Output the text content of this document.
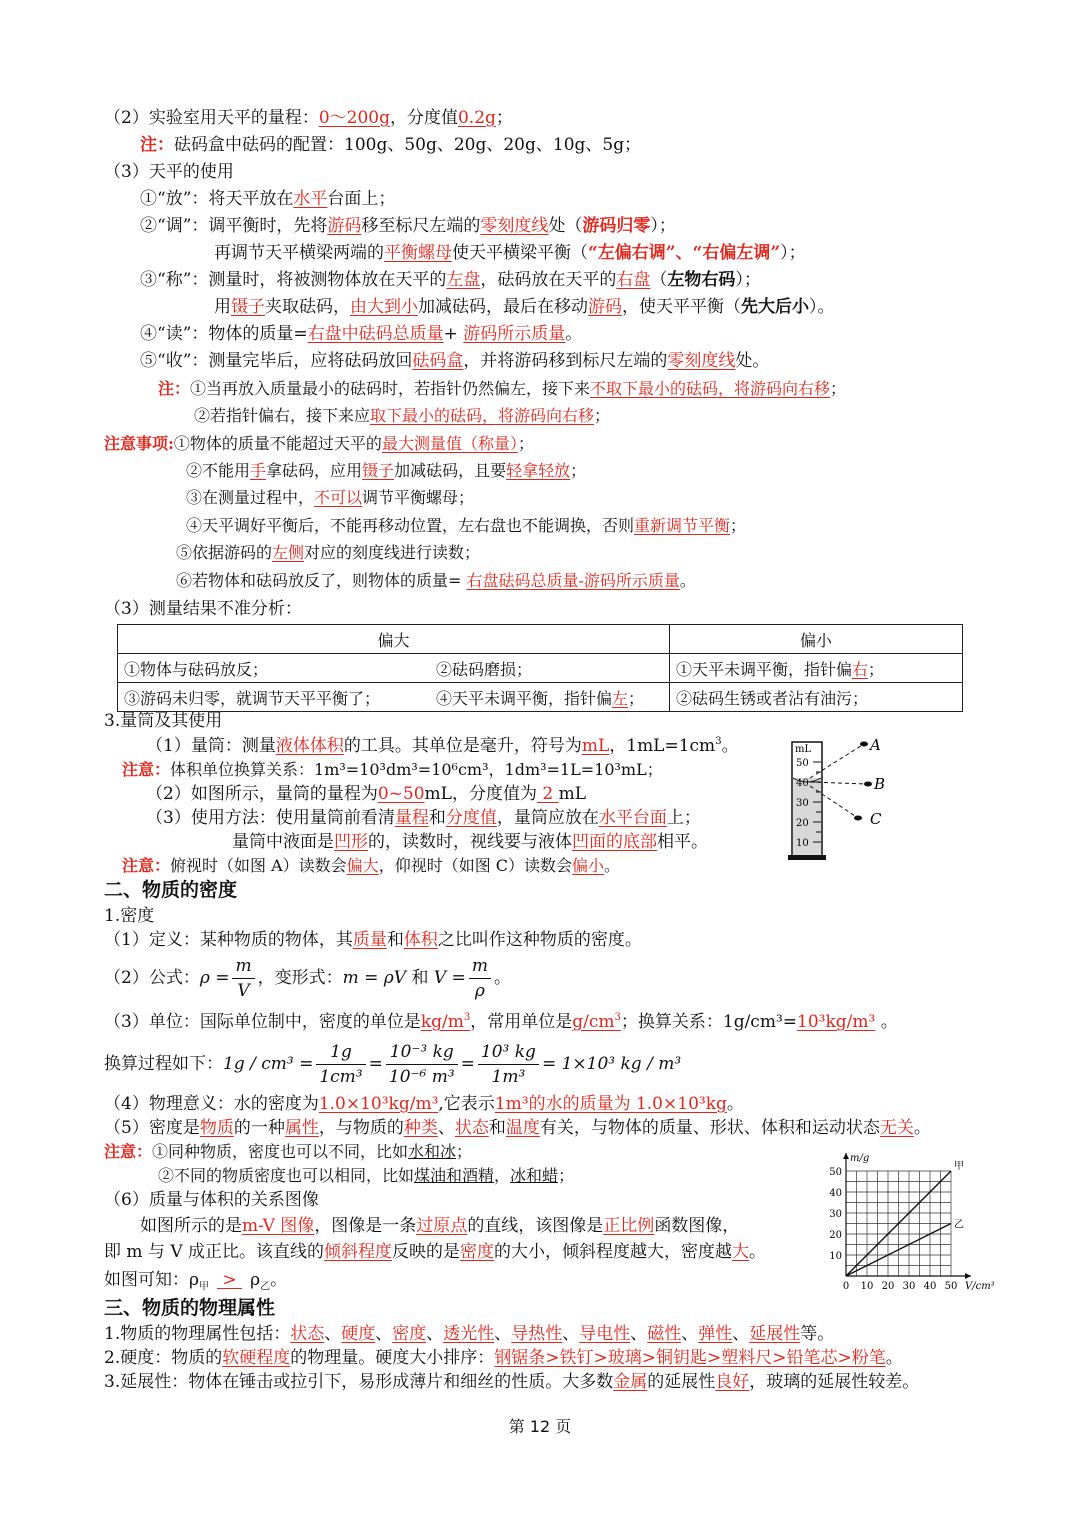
（2）实验室用天平的量程：0～200g，分度值0.2g；
注：砝码盒中砝码的配置：100g、50g、20g、20g、10g、5g；
（3）天平的使用
①“放”：将天平放在水平台面上；
②“调”：调平衡时，先将游码移至标尺左端的零刻度线处（游码归零）；
再调节天平横梁两端的平衡螺母使天平横梁平衡（“左偏右调”、“右偏左调”）；
③“称”：测量时，将被测物体放在天平的左盘，砝码放在天平的右盘（左物右码）；
用镊子夹取砝码，由大到小加减砝码，最后在移动游码，使天平平衡（先大后小）。
④“读”：物体的质量=右盘中砝码总质量+ 游码所示质量。
⑤“收”：测量完毕后，应将砝码放回砝码盒，并将游码移到标尺左端的零刻度线处。
注：①当再放入质量最小的砝码时，若指针仍然偏左，接下来不取下最小的砝码，将游码向右移；
②若指针偏右，接下来应取下最小的砝码，将游码向右移；
注意事项:①物体的质量不能超过天平的最大测量值（称量）；
②不能用手拿砝码，应用镊子加减砝码，且要轻拿轻放；
③在测量过程中，不可以调节平衡螺母；
④天平调好平衡后，不能再移动位置，左右盘也不能调换，否则重新调节平衡；
⑤依据游码的左侧对应的刻度线进行读数；
⑥若物体和砝码放反了，则物体的质量= 右盘砝码总质量-游码所示质量。
（3）测量结果不准分析：
偏大		偏小
①物体与砝码放反；	②砝码磨损；	①天平未调平衡，指针偏右；
③游码未归零，就调节天平平衡了；	④天平未调平衡，指针偏左；	②砝码生锈或者沾有油污；
3.量筒及其使用
（1）量筒：测量液体体积的工具。其单位是毫升，符号为mL，$1mL=1cm^3$。
注意：体积单位换算关系：1m³=10³dm³=10⁶cm³，1dm³=1L=10³mL；
（2）如图所示，量筒的量程为0~50mL，分度值为 2 mL
（3）使用方法：使用量筒前看清量程和分度值，量筒应放在水平台面上；
量筒中液面是凹形的，读数时，视线要与液体凹面的底部相平。
注意：俯视时（如图 A）读数会偏大，仰视时（如图 C）读数会偏小。
mL
50
40
30
20
10
A
B
C
二、物质的密度
1.密度
（1）定义：某种物质的物体，其质量和体积之比叫作这种物质的密度。
（2）公式：$\rho = \frac{m}{V}$ ，变形式：m = ρV 和 $V = \frac{m}{\rho}$ 。
（3）单位：国际单位制中，密度的单位是$kg/m^3$，常用单位是$g/cm^3$；换算关系：1g/cm³=10³kg/m³ 。
换算过程如下：$1g / cm^3 = \frac{1g}{\text{1cm³}} = \frac{\text{10⁻³ kg}}{\text{10⁻⁶ m³}} = \frac{\text{10³ kg}}{\text{1m³}} = 1\times 10^3$ kg / m³
（4）物理意义：水的密度为1.0×10³kg/m³,它表示1m³的水的质量为 1.0×10³kg。
（5）密度是物质的一种属性，与物质的种类、状态和温度有关，与物体的质量、形状、体积和运动状态无关。
注意：①同种物质，密度也可以不同，比如水和冰；
②不同的物质密度也可以相同，比如煤油和酒精，冰和蜡；
（6）质量与体积的关系图像
如图所示的是m-V 图像，图像是一条过原点的直线，该图像是正比例函数图像，
即 m 与 V 成正比。该直线的倾斜程度反映的是密度的大小，倾斜程度越大，密度越大。
如图可知：$\rho_甲 > \rho_乙$。	0 10 20 30 40 50
10
20
30
40
50
V/cm³
m/g
甲
乙
三、物质的物理属性
1.物质的物理属性包括：状态、硬度、密度、透光性、导热性、导电性、磁性、弹性、延展性等。
2.硬度：物质的软硬程度的物理量。硬度大小排序：钢锯条>铁钉>玻璃>铜钥匙>塑料尺>铅笔芯>粉笔。
3.延展性：物体在锤击或拉引下，易形成薄片和细丝的性质。大多数金属的延展性良好，玻璃的延展性较差。
第 12 页
